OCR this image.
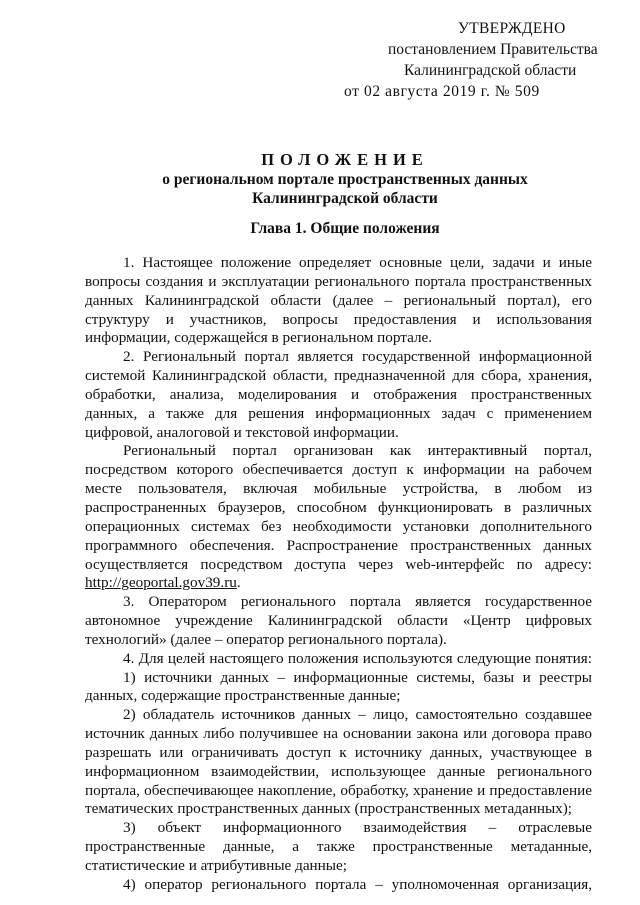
УТВЕРЖДЕНО
постановлением Правительства
Калининградской области
от 02 августа 2019 г. № 509
ПОЛОЖЕНИЕ
о региональном портале пространственных данных
Калининградской области
Глава 1. Общие положения
1. Настоящее положение определяет основные цели, задачи и иные
вопросы создания и эксплуатации регионального портала пространственных
данных Калининградской области (далее – региональный портал), его
структуру и участников, вопросы предоставления и использования
информации, содержащейся в региональном портале.
2. Региональный портал является государственной информационной
системой Калининградской области, предназначенной для сбора, хранения,
обработки, анализа, моделирования и отображения пространственных
данных, а также для решения информационных задач с применением
цифровой, аналоговой и текстовой информации.
Региональный портал организован как интерактивный портал,
посредством которого обеспечивается доступ к информации на рабочем
месте пользователя, включая мобильные устройства, в любом из
распространенных браузеров, способном функционировать в различных
операционных системах без необходимости установки дополнительного
программного обеспечения. Распространение пространственных данных
осуществляется посредством доступа через web-интерфейс по адресу:
http://geoportal.gov39.ru.
3. Оператором регионального портала является государственное
автономное учреждение Калининградской области «Центр цифровых
технологий» (далее – оператор регионального портала).
4. Для целей настоящего положения используются следующие понятия:
1) источники данных – информационные системы, базы и реестры
данных, содержащие пространственные данные;
2) обладатель источников данных – лицо, самостоятельно создавшее
источник данных либо получившее на основании закона или договора право
разрешать или ограничивать доступ к источнику данных, участвующее в
информационном взаимодействии, использующее данные регионального
портала, обеспечивающее накопление, обработку, хранение и предоставление
тематических пространственных данных (пространственных метаданных);
3) объект информационного взаимодействия – отраслевые
пространственные данные, а также пространственные метаданные,
статистические и атрибутивные данные;
4) оператор регионального портала – уполномоченная организация,
